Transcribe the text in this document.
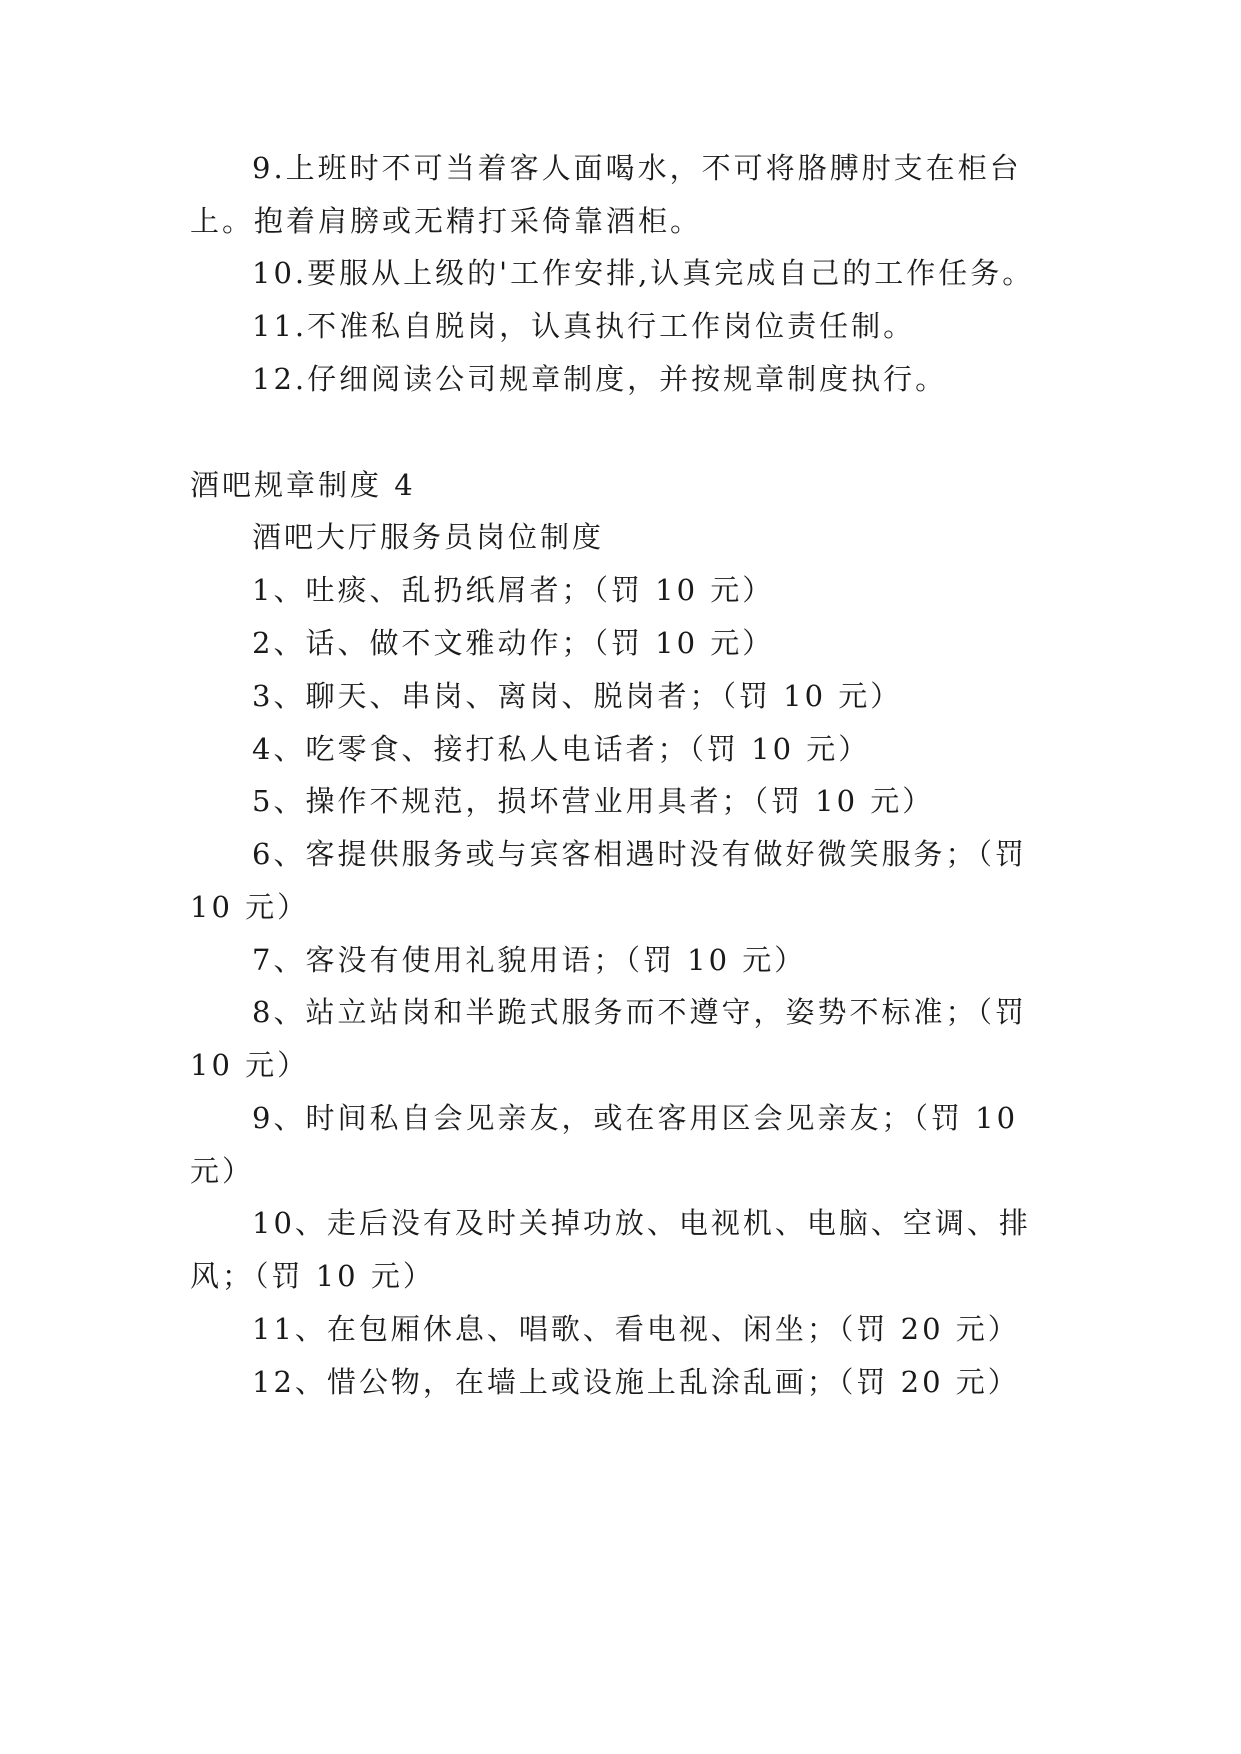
9.上班时不可当着客人面喝水，不可将胳膊肘支在柜台
上。抱着肩膀或无精打采倚靠酒柜。
10.要服从上级的'工作安排,认真完成自己的工作任务。
11.不准私自脱岗，认真执行工作岗位责任制。
12.仔细阅读公司规章制度，并按规章制度执行。
酒吧规章制度 4
酒吧大厅服务员岗位制度
1、吐痰、乱扔纸屑者；（罚 10 元）
2、话、做不文雅动作；（罚 10 元）
3、聊天、串岗、离岗、脱岗者；（罚 10 元）
4、吃零食、接打私人电话者；（罚 10 元）
5、操作不规范，损坏营业用具者；（罚 10 元）
6、客提供服务或与宾客相遇时没有做好微笑服务；（罚
10 元）
7、客没有使用礼貌用语；（罚 10 元）
8、站立站岗和半跪式服务而不遵守，姿势不标准；（罚
10 元）
9、时间私自会见亲友，或在客用区会见亲友；（罚 10
元）
10、走后没有及时关掉功放、电视机、电脑、空调、排
风；（罚 10 元）
11、在包厢休息、唱歌、看电视、闲坐；（罚 20 元）
12、惜公物，在墙上或设施上乱涂乱画；（罚 20 元）
